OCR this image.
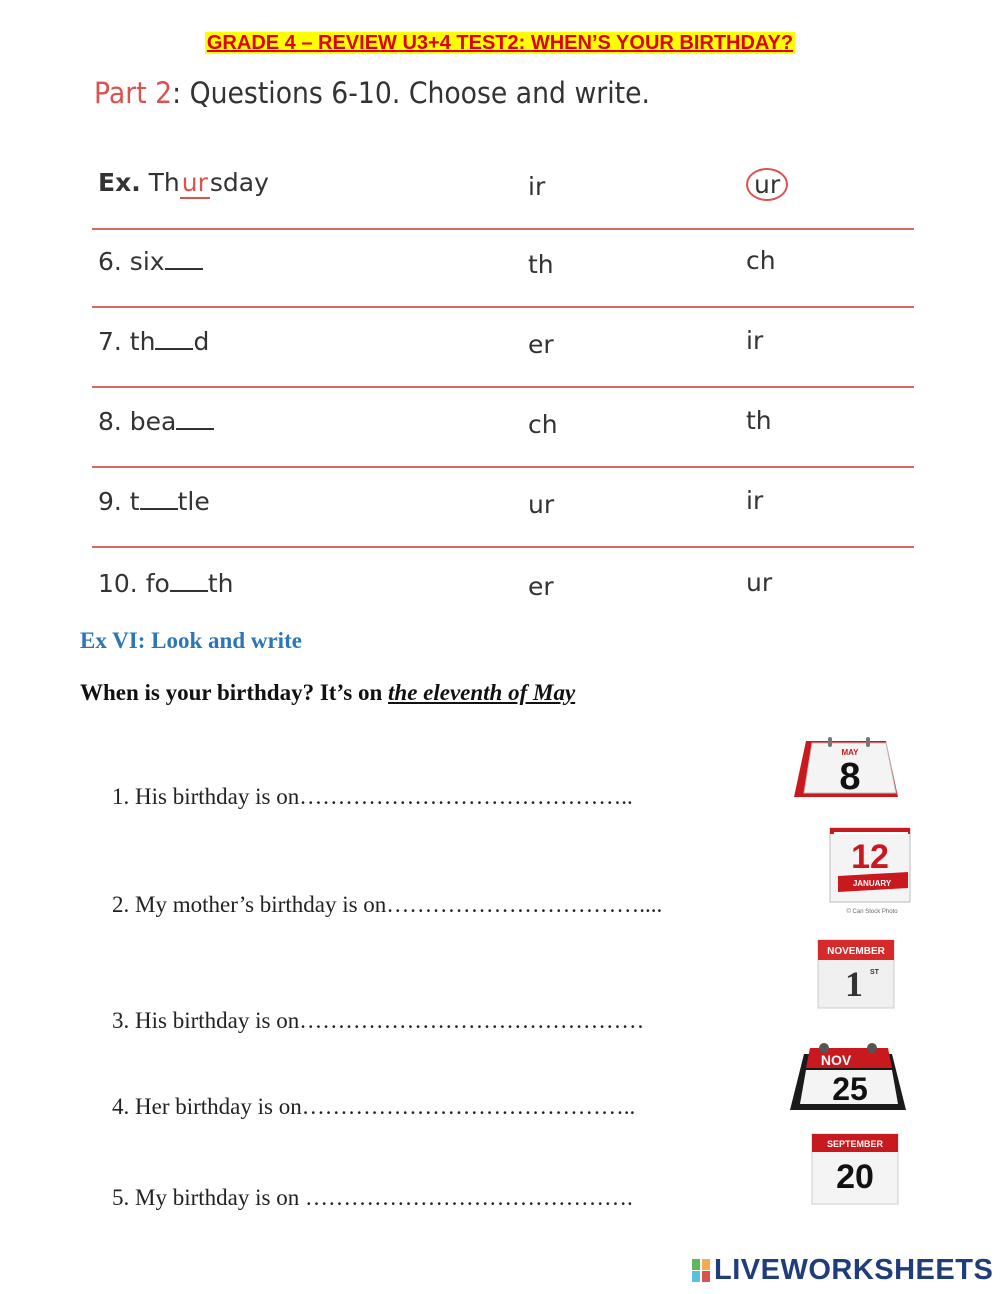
GRADE 4 – REVIEW U3+4 TEST2: WHEN’S YOUR BIRTHDAY?
Part 2: Questions 6-10. Choose and write.
Ex. Thursday	ir	ur
6. six	th	ch
7. th d	er	ir
8. bea	ch	th
9. t tle	ur	ir
10. fo th	er	ur
Ex VI: Look and write
When is your birthday? It’s on the eleventh of May
1. His birthday is on……………………………………..
2. My mother’s birthday is on……………………………....
3. His birthday is on………………………………………
4. Her birthday is on……………………………………..
5. My birthday is on …………………………………….
MAY
8
12
JANUARY
© Can Stock Photo
NOVEMBER
1 ST
NOV
25
SEPTEMBER
20
LIVEWORKSHEETS
